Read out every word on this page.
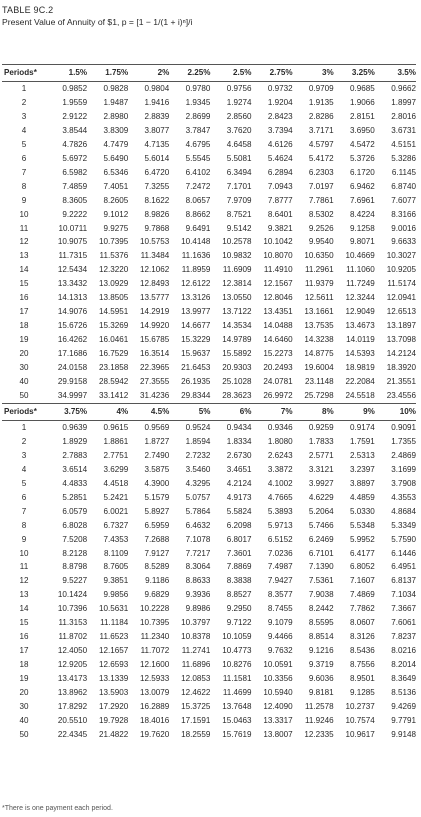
TABLE 9C.2
Present Value of Annuity of $1, p = [1 − 1/(1 + i)ⁿ]/i
Periods*	1.5%	1.75%	2%	2.25%	2.5%	2.75%	3%	3.25%	3.5%
1	0.9852	0.9828	0.9804	0.9780	0.9756	0.9732	0.9709	0.9685	0.9662
2	1.9559	1.9487	1.9416	1.9345	1.9274	1.9204	1.9135	1.9066	1.8997
3	2.9122	2.8980	2.8839	2.8699	2.8560	2.8423	2.8286	2.8151	2.8016
4	3.8544	3.8309	3.8077	3.7847	3.7620	3.7394	3.7171	3.6950	3.6731
5	4.7826	4.7479	4.7135	4.6795	4.6458	4.6126	4.5797	4.5472	4.5151
6	5.6972	5.6490	5.6014	5.5545	5.5081	5.4624	5.4172	5.3726	5.3286
7	6.5982	6.5346	6.4720	6.4102	6.3494	6.2894	6.2303	6.1720	6.1145
8	7.4859	7.4051	7.3255	7.2472	7.1701	7.0943	7.0197	6.9462	6.8740
9	8.3605	8.2605	8.1622	8.0657	7.9709	7.8777	7.7861	7.6961	7.6077
10	9.2222	9.1012	8.9826	8.8662	8.7521	8.6401	8.5302	8.4224	8.3166
11	10.0711	9.9275	9.7868	9.6491	9.5142	9.3821	9.2526	9.1258	9.0016
12	10.9075	10.7395	10.5753	10.4148	10.2578	10.1042	9.9540	9.8071	9.6633
13	11.7315	11.5376	11.3484	11.1636	10.9832	10.8070	10.6350	10.4669	10.3027
14	12.5434	12.3220	12.1062	11.8959	11.6909	11.4910	11.2961	11.1060	10.9205
15	13.3432	13.0929	12.8493	12.6122	12.3814	12.1567	11.9379	11.7249	11.5174
16	14.1313	13.8505	13.5777	13.3126	13.0550	12.8046	12.5611	12.3244	12.0941
17	14.9076	14.5951	14.2919	13.9977	13.7122	13.4351	13.1661	12.9049	12.6513
18	15.6726	15.3269	14.9920	14.6677	14.3534	14.0488	13.7535	13.4673	13.1897
19	16.4262	16.0461	15.6785	15.3229	14.9789	14.6460	14.3238	14.0119	13.7098
20	17.1686	16.7529	16.3514	15.9637	15.5892	15.2273	14.8775	14.5393	14.2124
30	24.0158	23.1858	22.3965	21.6453	20.9303	20.2493	19.6004	18.9819	18.3920
40	29.9158	28.5942	27.3555	26.1935	25.1028	24.0781	23.1148	22.2084	21.3551
50	34.9997	33.1412	31.4236	29.8344	28.3623	26.9972	25.7298	24.5518	23.4556
Periods*	3.75%	4%	4.5%	5%	6%	7%	8%	9%	10%
1	0.9639	0.9615	0.9569	0.9524	0.9434	0.9346	0.9259	0.9174	0.9091
2	1.8929	1.8861	1.8727	1.8594	1.8334	1.8080	1.7833	1.7591	1.7355
3	2.7883	2.7751	2.7490	2.7232	2.6730	2.6243	2.5771	2.5313	2.4869
4	3.6514	3.6299	3.5875	3.5460	3.4651	3.3872	3.3121	3.2397	3.1699
5	4.4833	4.4518	4.3900	4.3295	4.2124	4.1002	3.9927	3.8897	3.7908
6	5.2851	5.2421	5.1579	5.0757	4.9173	4.7665	4.6229	4.4859	4.3553
7	6.0579	6.0021	5.8927	5.7864	5.5824	5.3893	5.2064	5.0330	4.8684
8	6.8028	6.7327	6.5959	6.4632	6.2098	5.9713	5.7466	5.5348	5.3349
9	7.5208	7.4353	7.2688	7.1078	6.8017	6.5152	6.2469	5.9952	5.7590
10	8.2128	8.1109	7.9127	7.7217	7.3601	7.0236	6.7101	6.4177	6.1446
11	8.8798	8.7605	8.5289	8.3064	7.8869	7.4987	7.1390	6.8052	6.4951
12	9.5227	9.3851	9.1186	8.8633	8.3838	7.9427	7.5361	7.1607	6.8137
13	10.1424	9.9856	9.6829	9.3936	8.8527	8.3577	7.9038	7.4869	7.1034
14	10.7396	10.5631	10.2228	9.8986	9.2950	8.7455	8.2442	7.7862	7.3667
15	11.3153	11.1184	10.7395	10.3797	9.7122	9.1079	8.5595	8.0607	7.6061
16	11.8702	11.6523	11.2340	10.8378	10.1059	9.4466	8.8514	8.3126	7.8237
17	12.4050	12.1657	11.7072	11.2741	10.4773	9.7632	9.1216	8.5436	8.0216
18	12.9205	12.6593	12.1600	11.6896	10.8276	10.0591	9.3719	8.7556	8.2014
19	13.4173	13.1339	12.5933	12.0853	11.1581	10.3356	9.6036	8.9501	8.3649
20	13.8962	13.5903	13.0079	12.4622	11.4699	10.5940	9.8181	9.1285	8.5136
30	17.8292	17.2920	16.2889	15.3725	13.7648	12.4090	11.2578	10.2737	9.4269
40	20.5510	19.7928	18.4016	17.1591	15.0463	13.3317	11.9246	10.7574	9.7791
50	22.4345	21.4822	19.7620	18.2559	15.7619	13.8007	12.2335	10.9617	9.9148
*There is one payment each period.
